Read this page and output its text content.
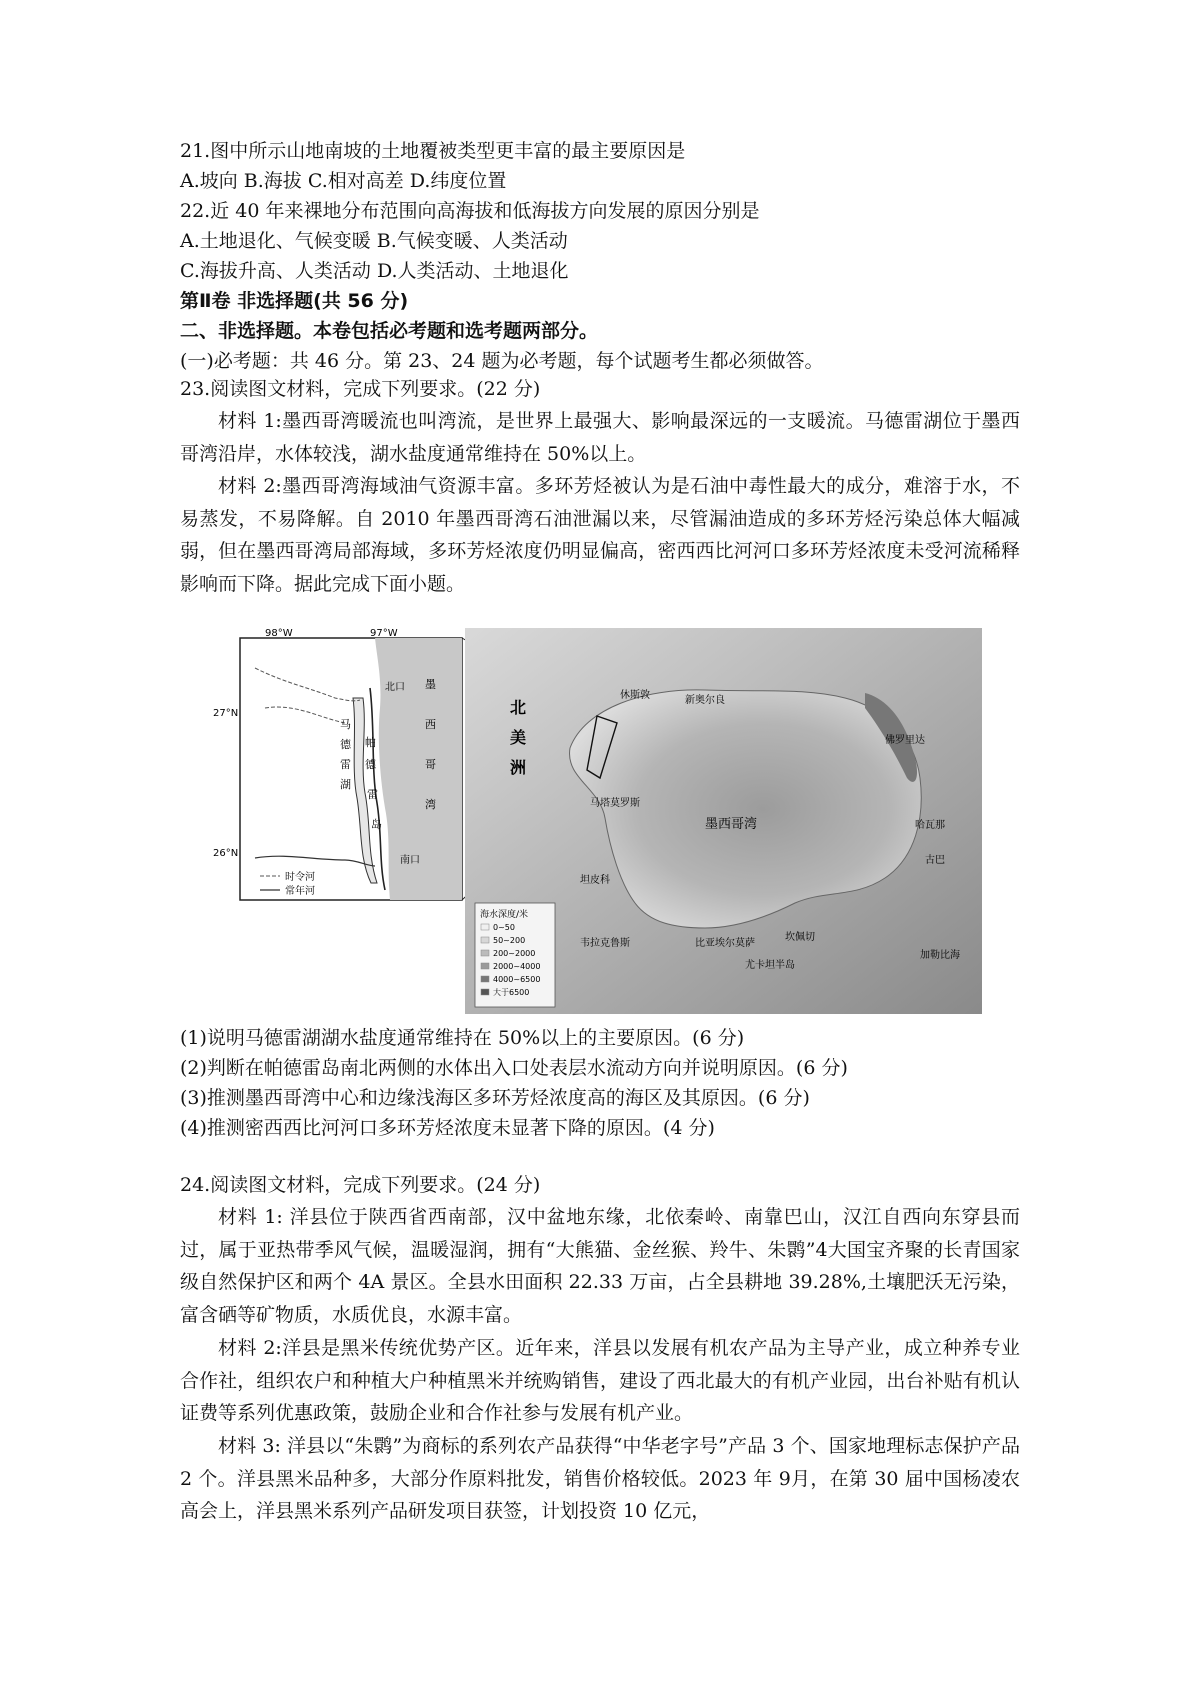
21.图中所示山地南坡的土地覆被类型更丰富的最主要原因是
A.坡向 B.海拔 C.相对高差 D.纬度位置
22.近 40 年来裸地分布范围向高海拔和低海拔方向发展的原因分别是
A.土地退化、气候变暖 B.气候变暖、人类活动
C.海拔升高、人类活动 D.人类活动、土地退化
第Ⅱ卷 非选择题(共 56 分)
二、非选择题。本卷包括必考题和选考题两部分。
(一)必考题：共 46 分。第 23、24 题为必考题，每个试题考生都必须做答。
23.阅读图文材料，完成下列要求。(22 分)
材料 1:墨西哥湾暖流也叫湾流，是世界上最强大、影响最深远的一支暖流。马德雷湖位于墨西哥湾沿岸，水体较浅，湖水盐度通常维持在 50%以上。
材料 2:墨西哥湾海域油气资源丰富。多环芳烃被认为是石油中毒性最大的成分，难溶于水，不易蒸发，不易降解。自 2010 年墨西哥湾石油泄漏以来，尽管漏油造成的多环芳烃污染总体大幅减弱，但在墨西哥湾局部海域，多环芳烃浓度仍明显偏高，密西西比河河口多环芳烃浓度未受河流稀释影响而下降。据此完成下面小题。
时令河
常年河
98°W	97°W
27°N
26°N
北口
南口
马
德
雷
湖
帕
德
雷
岛
墨
西
哥
湾
休斯敦	新奥尔良
佛罗里达
马塔莫罗斯
坦皮科
韦拉克鲁斯	比亚埃尔莫萨
坎佩切
尤卡坦半岛
哈瓦那
古巴
加勒比海
墨西哥湾
北
美
洲
海水深度/米
0~50
50~200
200~2000
2000~4000
4000~6500
大于6500
(1)说明马德雷湖湖水盐度通常维持在 50%以上的主要原因。(6 分)
(2)判断在帕德雷岛南北两侧的水体出入口处表层水流动方向并说明原因。(6 分)
(3)推测墨西哥湾中心和边缘浅海区多环芳烃浓度高的海区及其原因。(6 分)
(4)推测密西西比河河口多环芳烃浓度未显著下降的原因。(4 分)
24.阅读图文材料，完成下列要求。(24 分)
材料 1: 洋县位于陕西省西南部，汉中盆地东缘，北依秦岭、南靠巴山，汉江自西向东穿县而过，属于亚热带季风气候，温暖湿润，拥有“大熊猫、金丝猴、羚牛、朱鹮”4大国宝齐聚的长青国家级自然保护区和两个 4A 景区。全县水田面积 22.33 万亩，占全县耕地 39.28%,土壤肥沃无污染，富含硒等矿物质，水质优良，水源丰富。
材料 2:洋县是黑米传统优势产区。近年来，洋县以发展有机农产品为主导产业，成立种养专业合作社，组织农户和种植大户种植黑米并统购销售，建设了西北最大的有机产业园，出台补贴有机认证费等系列优惠政策，鼓励企业和合作社参与发展有机产业。
材料 3: 洋县以“朱鹮”为商标的系列农产品获得“中华老字号”产品 3 个、国家地理标志保护产品 2 个。洋县黑米品种多，大部分作原料批发，销售价格较低。2023 年 9月，在第 30 届中国杨凌农高会上，洋县黑米系列产品研发项目获签，计划投资 10 亿元，
